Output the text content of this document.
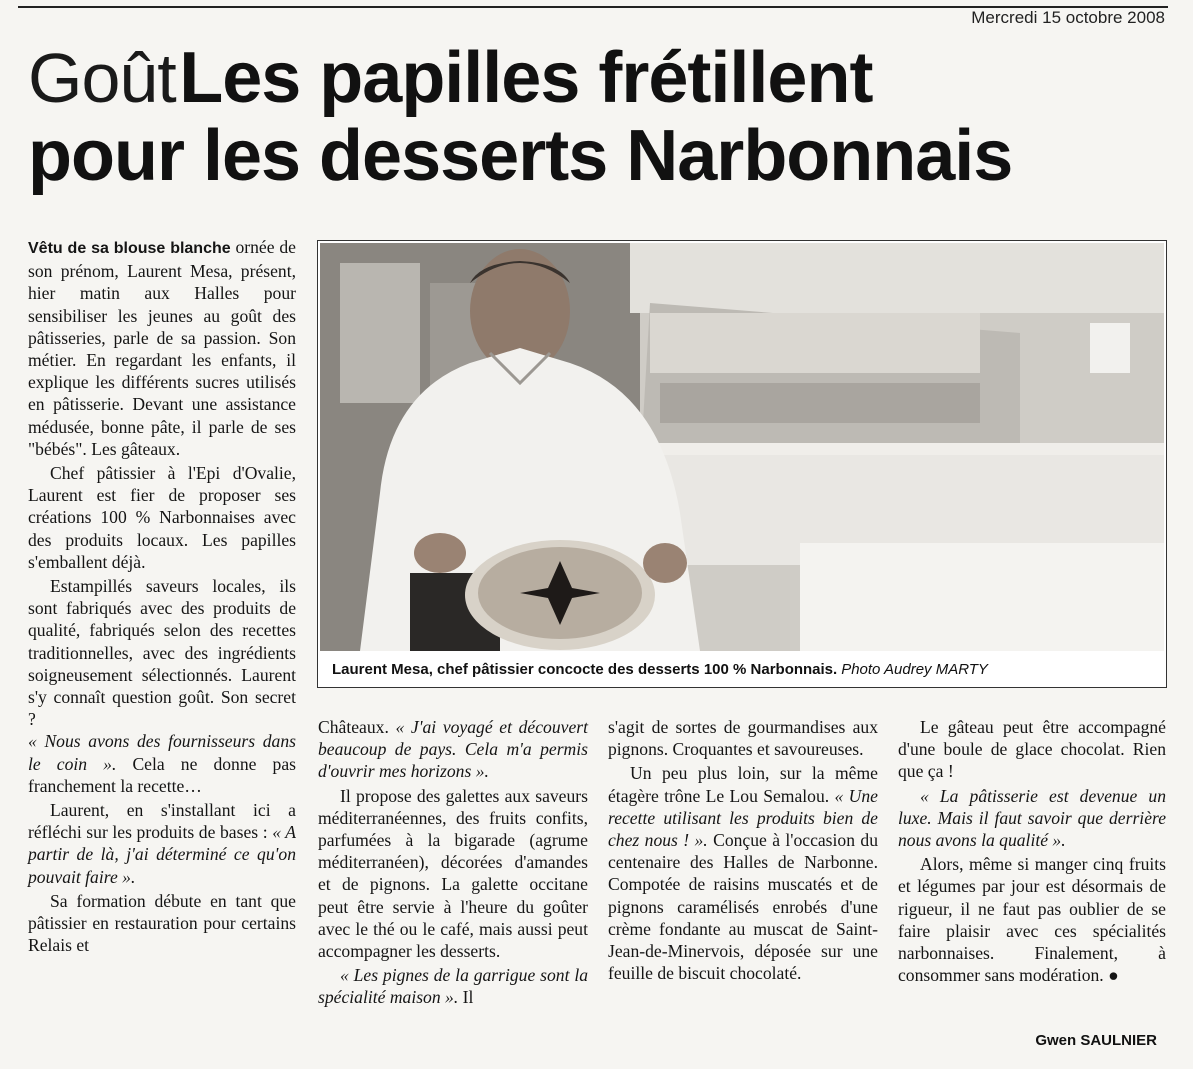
Mercredi 15 octobre 2008
Goût Les papilles frétillent
pour les desserts Narbonnais

Vêtu de sa blouse blanche ornée de son prénom, Laurent Mesa, présent, hier matin aux Halles pour sensibiliser les jeunes au goût des pâtisseries, parle de sa passion. Son métier. En regardant les enfants, il explique les différents sucres utilisés en pâtisserie. Devant une assistance médusée, bonne pâte, il parle de ses "bébés". Les gâteaux.

Chef pâtissier à l'Epi d'Ovalie, Laurent est fier de proposer ses créations 100 % Narbonnaises avec des produits locaux. Les papilles s'emballent déjà.

Estampillés saveurs locales, ils sont fabriqués avec des produits de qualité, fabriqués selon des recettes traditionnelles, avec des ingrédients soigneusement sélectionnés. Laurent s'y connaît question goût. Son secret ?
« Nous avons des fournisseurs dans le coin ». Cela ne donne pas franchement la recette…

Laurent, en s'installant ici a réfléchi sur les produits de bases : « A partir de là, j'ai déterminé ce qu'on pouvait faire ».

Sa formation débute en tant que pâtissier en restauration pour certains Relais et

Laurent Mesa, chef pâtissier concocte des desserts 100 % Narbonnais. Photo Audrey MARTY

Châteaux. « J'ai voyagé et découvert beaucoup de pays. Cela m'a permis d'ouvrir mes horizons ».

Il propose des galettes aux saveurs méditerranéennes, des fruits confits, parfumées à la bigarade (agrume méditerranéen), décorées d'amandes et de pignons. La galette occitane peut être servie à l'heure du goûter avec le thé ou le café, mais aussi peut accompagner les desserts.

« Les pignes de la garrigue sont la spécialité maison ». Il

s'agit de sortes de gourmandises aux pignons. Croquantes et savoureuses.

Un peu plus loin, sur la même étagère trône Le Lou Semalou. « Une recette utilisant les produits bien de chez nous ! ». Conçue à l'occasion du centenaire des Halles de Narbonne. Compotée de raisins muscatés et de pignons caramélisés enrobés d'une crème fondante au muscat de Saint-Jean-de-Minervois, déposée sur une feuille de biscuit chocolaté.

Le gâteau peut être accompagné d'une boule de glace chocolat. Rien que ça !

« La pâtisserie est devenue un luxe. Mais il faut savoir que derrière nous avons la qualité ».

Alors, même si manger cinq fruits et légumes par jour est désormais de rigueur, il ne faut pas oublier de se faire plaisir avec ces spécialités narbonnaises. Finalement, à consommer sans modération. ●

Gwen SAULNIER
